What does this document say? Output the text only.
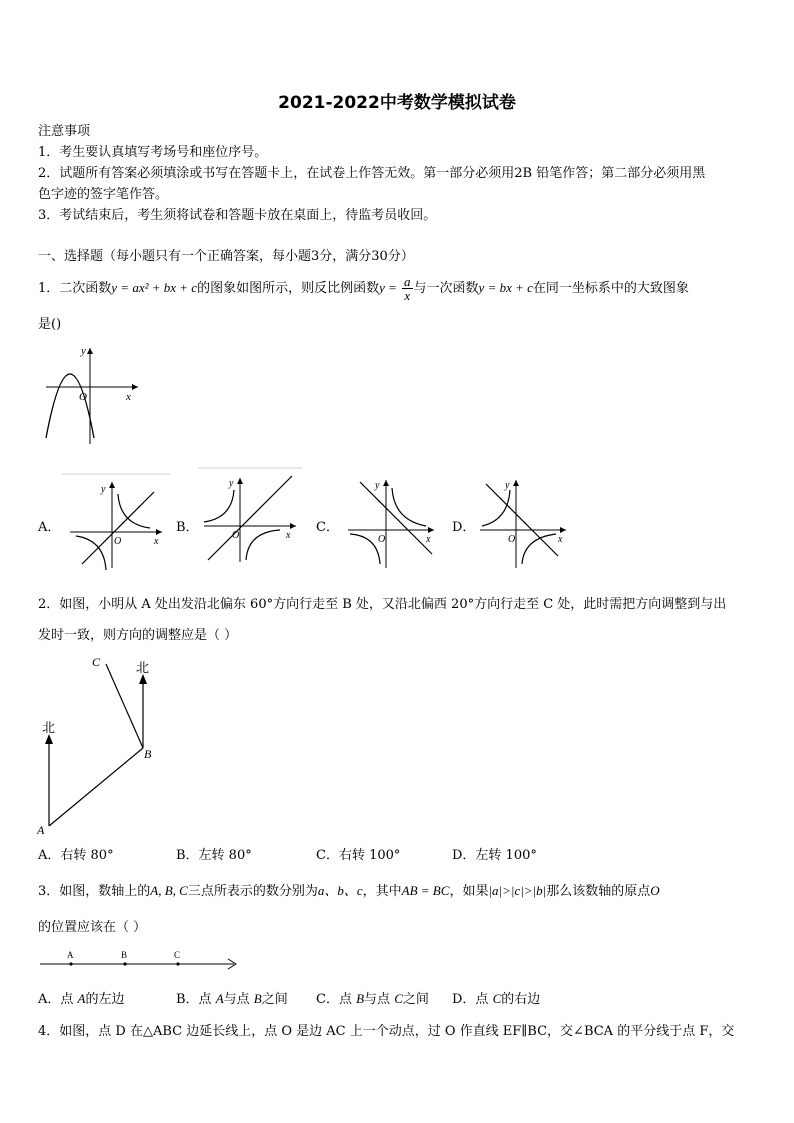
2021-2022中考数学模拟试卷
注意事项
1．考生要认真填写考场号和座位序号。
2．试题所有答案必须填涂或书写在答题卡上，在试卷上作答无效。第一部分必须用2B 铅笔作答；第二部分必须用黑
色字迹的签字笔作答。
3．考试结束后，考生须将试卷和答题卡放在桌面上，待监考员收回。
一、选择题（每小题只有一个正确答案，每小题3分，满分30分）
1．二次函数y = ax² + bx + c的图象如图所示，则反比例函数$y = \frac{a}{x}$ 与一次函数y = bx + c在同一坐标系中的大致图象
是()
x
y
O
A．
x
y
O
B．
x
y
O
C．
x
y
O
D．
x
y
O
2．如图，小明从 A 处出发沿北偏东 60°方向行走至 B 处，又沿北偏西 20°方向行走至 C 处，此时需把方向调整到与出
发时一致，则方向的调整应是（ ）
北
北
A
B
C
A．右转 80°	B．左转 80°	C．右转 100°	D．左转 100°
3．如图，数轴上的A, B, C三点所表示的数分别为a、b、c，其中AB = BC，如果|a|>|c|>|b|那么该数轴的原点O
的位置应该在（ ）
A	B	C
A．点 A的左边	B．点 A与点 B之间 C．点 B与点 C之间 D．点 C的右边
4．如图，点 D 在△ABC 边延长线上，点 O 是边 AC 上一个动点，过 O 作直线 EF∥BC，交∠BCA 的平分线于点 F，交
